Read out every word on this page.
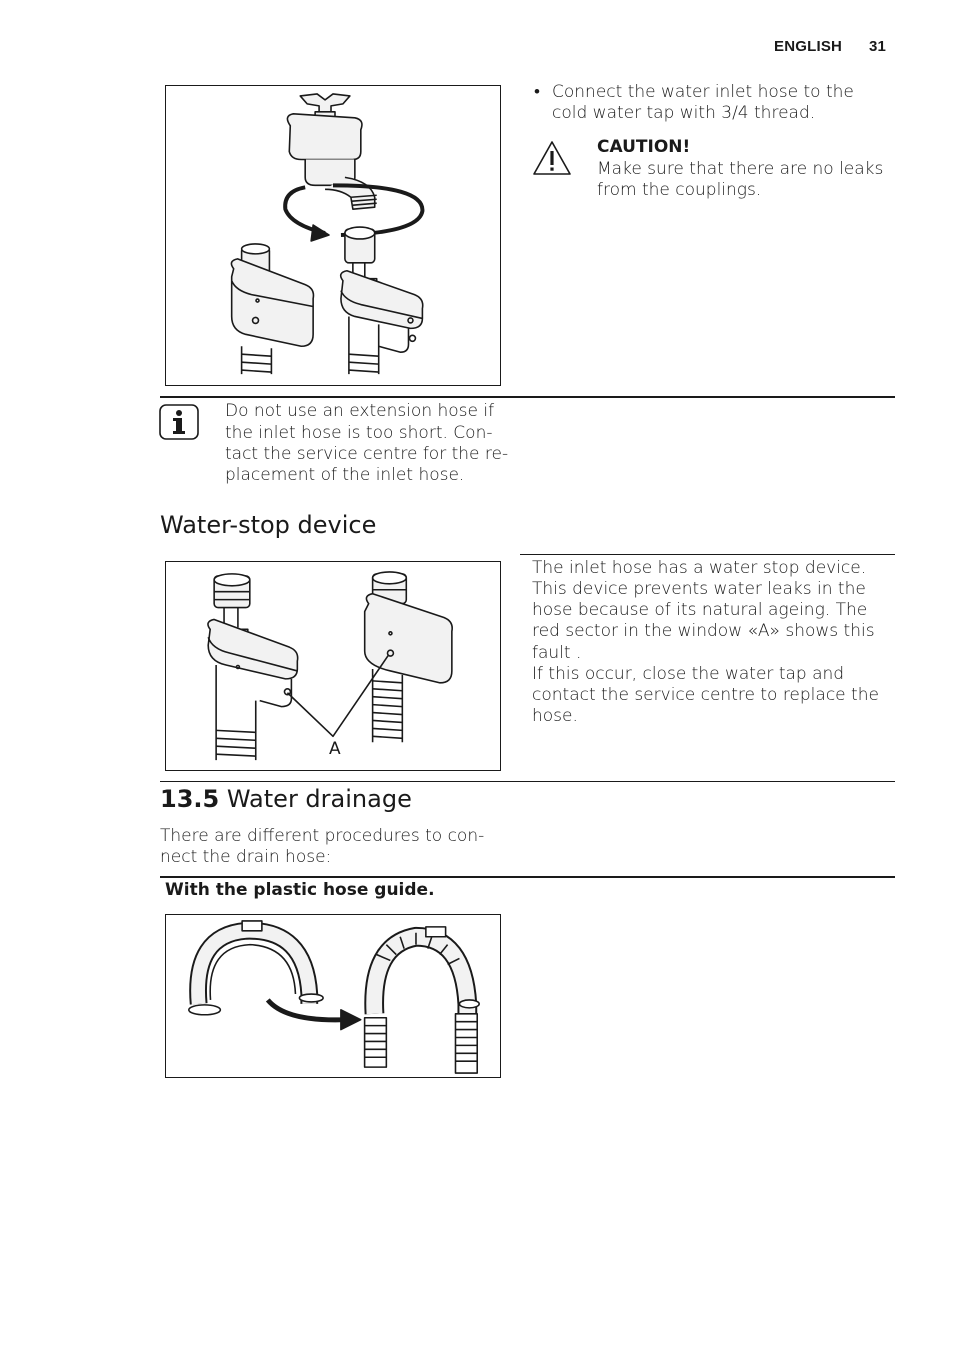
ENGLISH 31
• Connect the water inlet hose to the cold water tap with 3/4 thread.
CAUTION!
Make sure that there are no leaks from the couplings.
Do not use an extension hose if
the inlet hose is too short. Con-
tact the service centre for the re-
placement of the inlet hose.
Water-stop device
A
The inlet hose has a water stop device.
This device prevents water leaks in the
hose because of its natural ageing. The
red sector in the window «A» shows this
fault .
If this occur, close the water tap and
contact the service centre to replace the
hose.
13.5 Water drainage
There are different procedures to con-
nect the drain hose:
With the plastic hose guide.
